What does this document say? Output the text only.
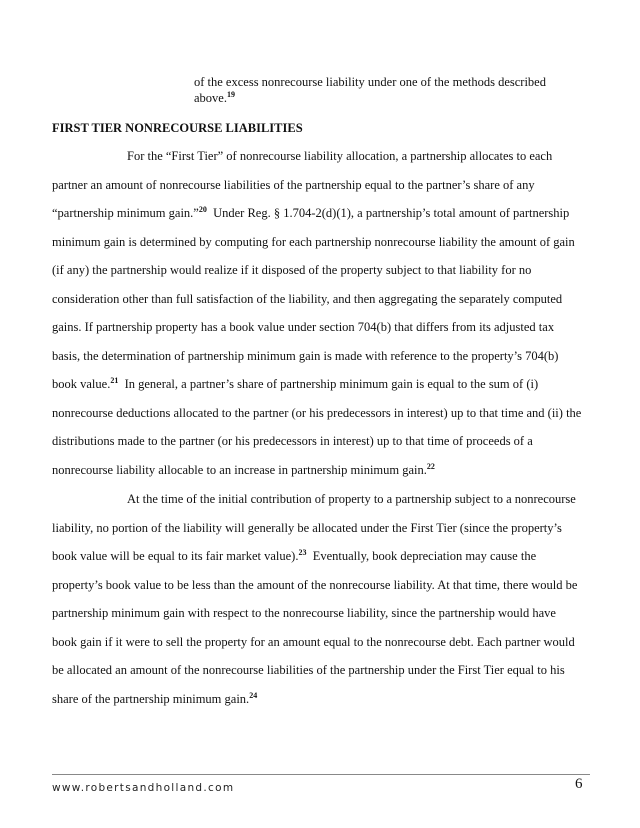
of the excess nonrecourse liability under one of the methods described
above.$^{19}$
FIRST TIER NONRECOURSE LIABILITIES
For the “First Tier” of nonrecourse liability allocation, a partnership allocates to each
partner an amount of nonrecourse liabilities of the partnership equal to the partner’s share of any
“partnership minimum gain.”$^{20}$  Under Reg. § 1.704-2(d)(1), a partnership’s total amount of partnership
minimum gain is determined by computing for each partnership nonrecourse liability the amount of gain
(if any) the partnership would realize if it disposed of the property subject to that liability for no
consideration other than full satisfaction of the liability, and then aggregating the separately computed
gains. If partnership property has a book value under section 704(b) that differs from its adjusted tax
basis, the determination of partnership minimum gain is made with reference to the property’s 704(b)
book value.$^{21}$  In general, a partner’s share of partnership minimum gain is equal to the sum of (i)
nonrecourse deductions allocated to the partner (or his predecessors in interest) up to that time and (ii) the
distributions made to the partner (or his predecessors in interest) up to that time of proceeds of a
nonrecourse liability allocable to an increase in partnership minimum gain.$^{22}$
At the time of the initial contribution of property to a partnership subject to a nonrecourse
liability, no portion of the liability will generally be allocated under the First Tier (since the property’s
book value will be equal to its fair market value).$^{23}$  Eventually, book depreciation may cause the
property’s book value to be less than the amount of the nonrecourse liability. At that time, there would be
partnership minimum gain with respect to the nonrecourse liability, since the partnership would have
book gain if it were to sell the property for an amount equal to the nonrecourse debt. Each partner would
be allocated an amount of the nonrecourse liabilities of the partnership under the First Tier equal to his
share of the partnership minimum gain.$^{24}$
www.robertsandholland.com	6
